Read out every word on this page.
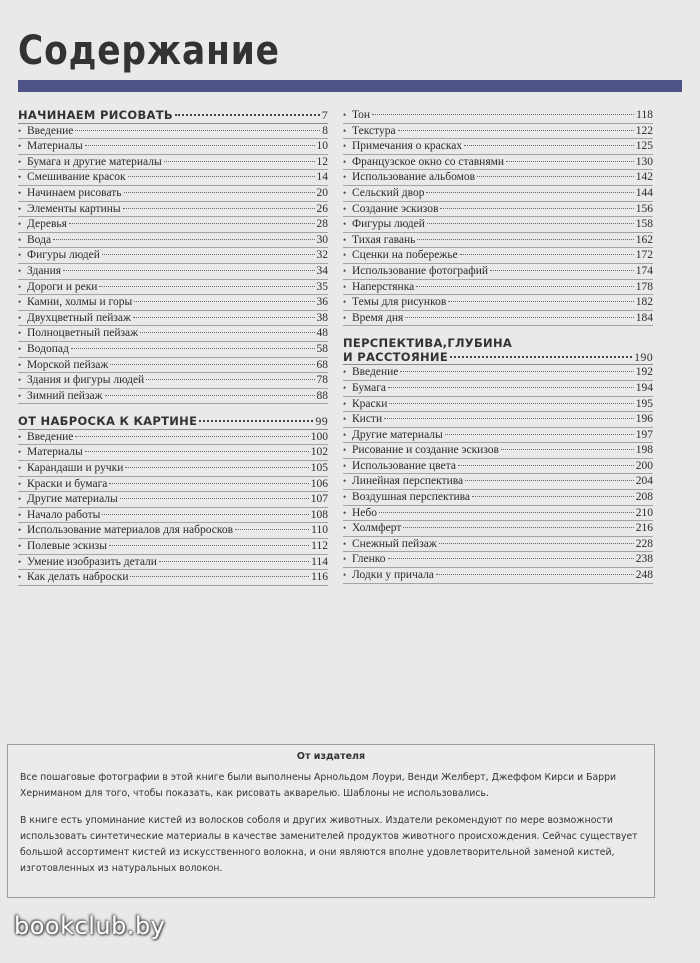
Содержание
НАЧИНАЕМ РИСОВАТЬ	7
• Введение	8
• Материалы	10
• Бумага и другие материалы	12
• Смешивание красок	14
• Начинаем рисовать	20
• Элементы картины	26
• Деревья	28
• Вода	30
• Фигуры людей	32
• Здания	34
• Дороги и реки	35
• Камни, холмы и горы	36
• Двухцветный пейзаж	38
• Полноцветный пейзаж	48
• Водопад	58
• Морской пейзаж	68
• Здания и фигуры людей	78
• Зимний пейзаж	88
ОТ НАБРОСКА К КАРТИНЕ	99
• Введение	100
• Материалы	102
• Карандаши и ручки	105
• Краски и бумага	106
• Другие материалы	107
• Начало работы	108
• Использование материалов для набросков	110
• Полевые эскизы	112
• Умение изобразить детали	114
• Как делать наброски	116
• Тон	118
• Текстура	122
• Примечания о красках	125
• Французское окно со ставнями	130
• Использование альбомов	142
• Сельский двор	144
• Создание эскизов	156
• Фигуры людей	158
• Тихая гавань	162
• Сценки на побережье	172
• Использование фотографий	174
• Наперстянка	178
• Темы для рисунков	182
• Время дня	184
ПЕРСПЕКТИВА,ГЛУБИНА
И РАССТОЯНИЕ	190
• Введение	192
• Бумага	194
• Краски	195
• Кисти	196
• Другие материалы	197
• Рисование и создание эскизов	198
• Использование цвета	200
• Линейная перспектива	204
• Воздушная перспектива	208
• Небо	210
• Холмферт	216
• Снежный пейзаж	228
• Гленко	238
• Лодки у причала	248
От издателя

Все пошаговые фотографии в этой книге были выполнены Арнольдом Лоури, Венди Желберт, Джеффом Кирси и Барри Херниманом для того, чтобы показать, как рисовать акварелью. Шаблоны не использовались.

В книге есть упоминание кистей из волосков соболя и других животных. Издатели рекомендуют по мере возможности использовать синтетические материалы в качестве заменителей продуктов животного происхождения. Сейчас существует большой ассортимент кистей из искусственного волокна, и они являются вполне удовлетворительной заменой кистей, изготовленных из натуральных волокон.

bookclub.by
